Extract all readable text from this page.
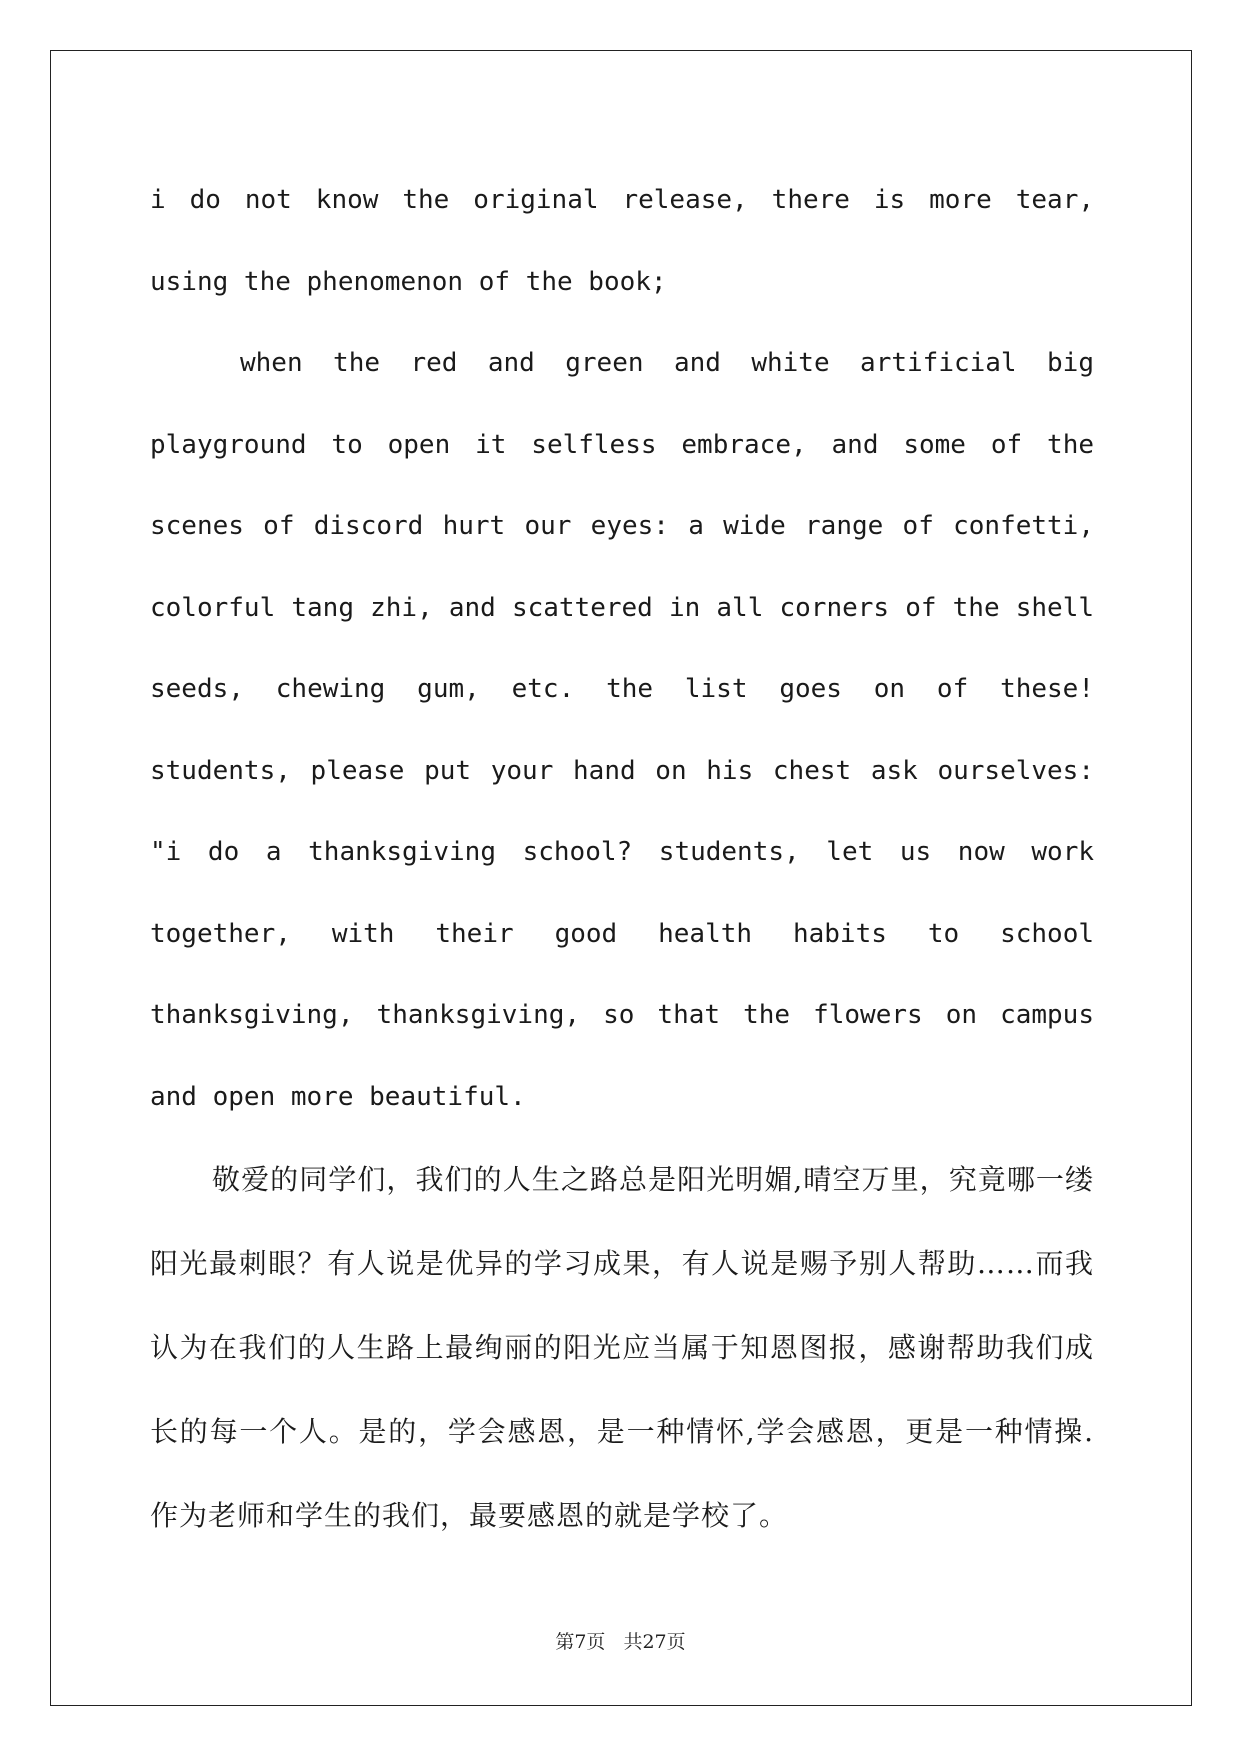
i do not know the original release, there is more tear, using the phenomenon of the book;

when the red and green and white artificial big playground to open it selfless embrace, and some of the scenes of discord hurt our eyes: a wide range of confetti, colorful tang zhi, and scattered in all corners of the shell seeds, chewing gum, etc. the list goes on of these! students, please put your hand on his chest ask ourselves: "i do a thanksgiving school? students, let us now work together, with their good health habits to school thanksgiving, thanksgiving, so that the flowers on campus and open more beautiful.

敬爱的同学们，我们的人生之路总是阳光明媚,晴空万里，究竟哪一缕阳光最刺眼？有人说是优异的学习成果，有人说是赐予别人帮助……而我认为在我们的人生路上最绚丽的阳光应当属于知恩图报，感谢帮助我们成长的每一个人。是的，学会感恩，是一种情怀,学会感恩，更是一种情操. 作为老师和学生的我们，最要感恩的就是学校了。

第7页 共27页
